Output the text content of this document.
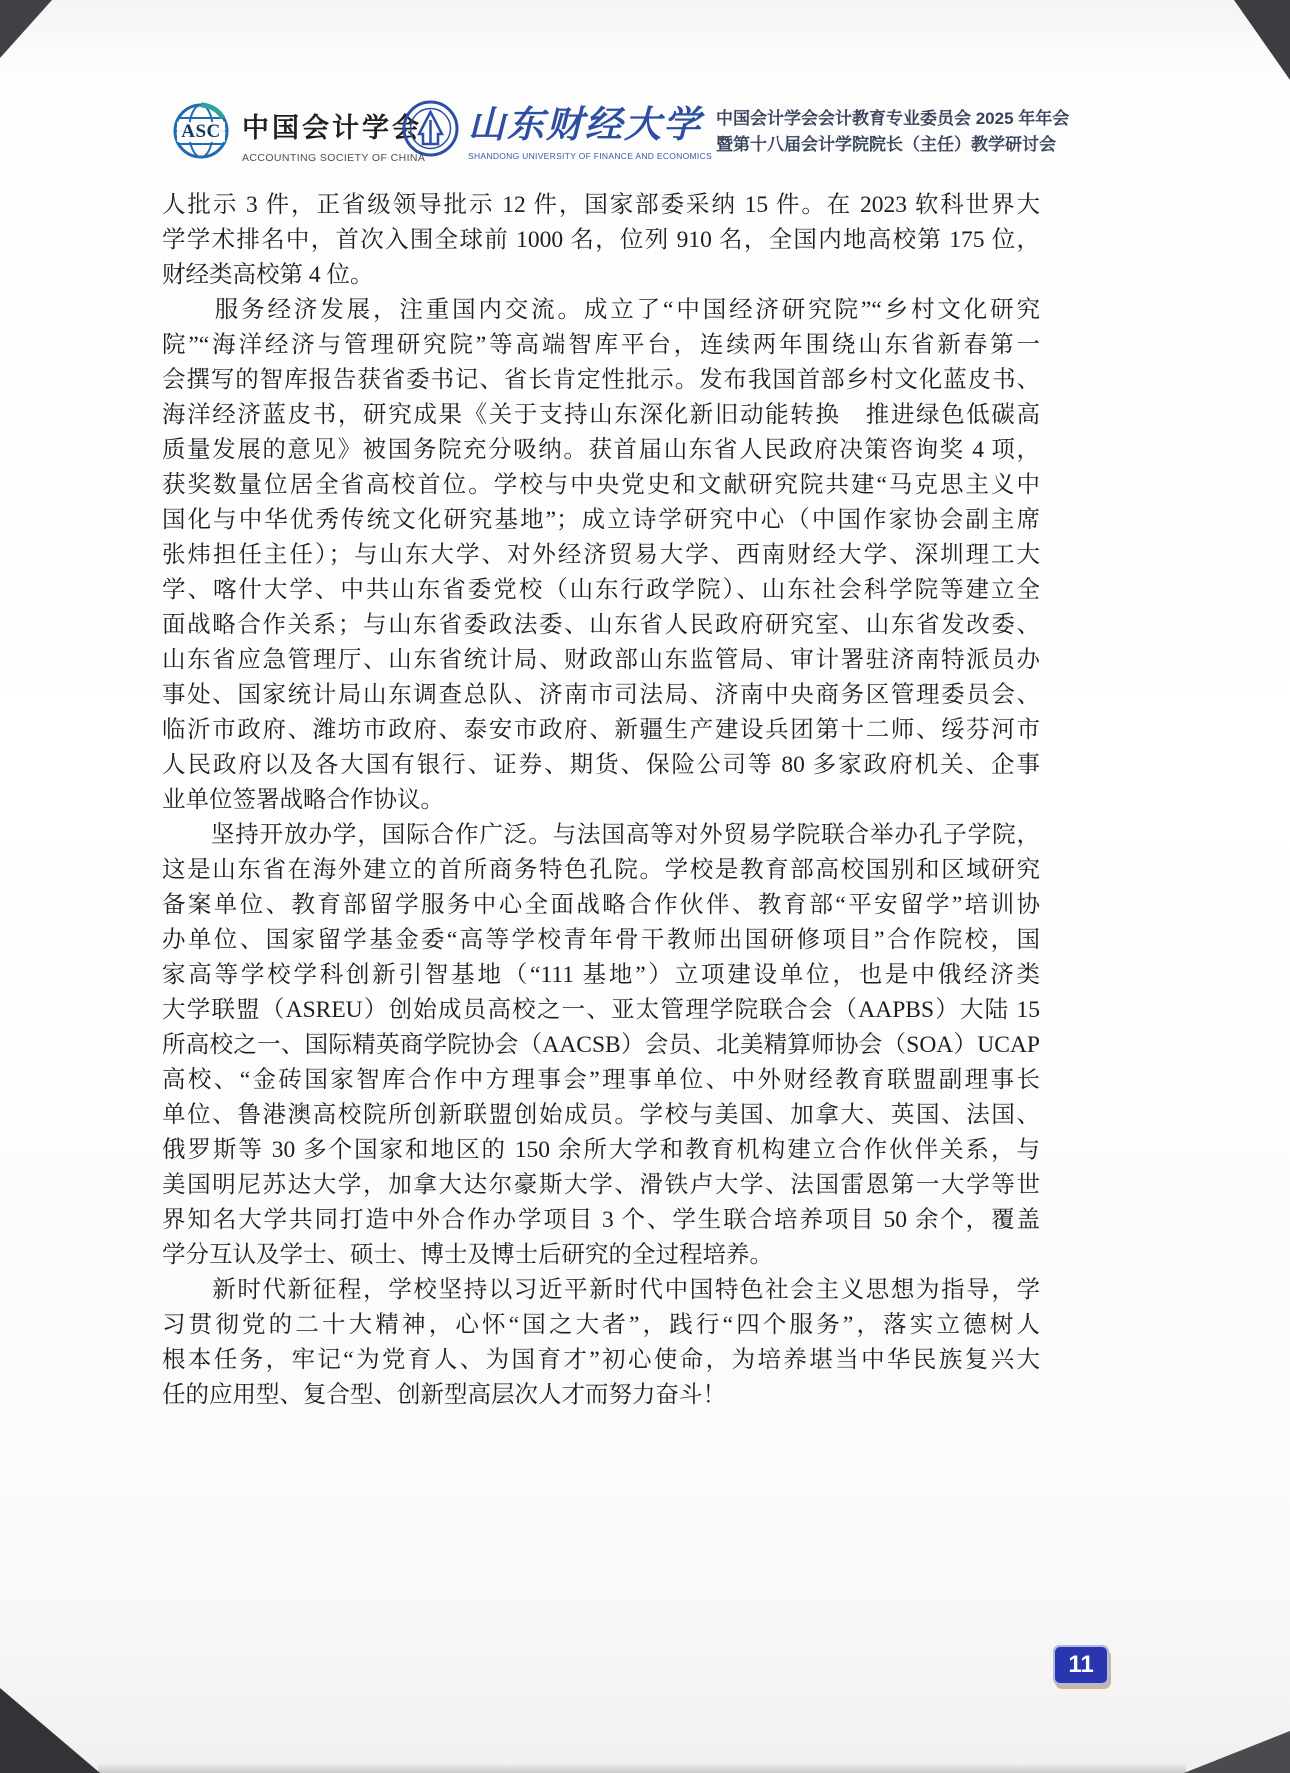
ASC 中国会计学会
ACCOUNTING SOCIETY OF CHINA
山东财经大学
SHANDONG UNIVERSITY OF FINANCE AND ECONOMICS
中国会计学会会计教育专业委员会 2025 年年会
暨第十八届会计学院院长（主任）教学研讨会
人批示 3 件，正省级领导批示 12 件，国家部委采纳 15 件。在 2023 软科世界大
学学术排名中，首次入围全球前 1000 名，位列 910 名，全国内地高校第 175 位，
财经类高校第 4 位。
　　服务经济发展，注重国内交流。成立了“中国经济研究院”“乡村文化研究
院”“海洋经济与管理研究院”等高端智库平台，连续两年围绕山东省新春第一
会撰写的智库报告获省委书记、省长肯定性批示。发布我国首部乡村文化蓝皮书、
海洋经济蓝皮书，研究成果《关于支持山东深化新旧动能转换　推进绿色低碳高
质量发展的意见》被国务院充分吸纳。获首届山东省人民政府决策咨询奖 4 项，
获奖数量位居全省高校首位。学校与中央党史和文献研究院共建“马克思主义中
国化与中华优秀传统文化研究基地”；成立诗学研究中心（中国作家协会副主席
张炜担任主任）；与山东大学、对外经济贸易大学、西南财经大学、深圳理工大
学、喀什大学、中共山东省委党校（山东行政学院）、山东社会科学院等建立全
面战略合作关系；与山东省委政法委、山东省人民政府研究室、山东省发改委、
山东省应急管理厅、山东省统计局、财政部山东监管局、审计署驻济南特派员办
事处、国家统计局山东调查总队、济南市司法局、济南中央商务区管理委员会、
临沂市政府、潍坊市政府、泰安市政府、新疆生产建设兵团第十二师、绥芬河市
人民政府以及各大国有银行、证券、期货、保险公司等 80 多家政府机关、企事
业单位签署战略合作协议。
　　坚持开放办学，国际合作广泛。与法国高等对外贸易学院联合举办孔子学院，
这是山东省在海外建立的首所商务特色孔院。学校是教育部高校国别和区域研究
备案单位、教育部留学服务中心全面战略合作伙伴、教育部“平安留学”培训协
办单位、国家留学基金委“高等学校青年骨干教师出国研修项目”合作院校，国
家高等学校学科创新引智基地（“111 基地”）立项建设单位，也是中俄经济类
大学联盟（ASREU）创始成员高校之一、亚太管理学院联合会（AAPBS）大陆 15
所高校之一、国际精英商学院协会（AACSB）会员、北美精算师协会（SOA）UCAP
高校、“金砖国家智库合作中方理事会”理事单位、中外财经教育联盟副理事长
单位、鲁港澳高校院所创新联盟创始成员。学校与美国、加拿大、英国、法国、
俄罗斯等 30 多个国家和地区的 150 余所大学和教育机构建立合作伙伴关系，与
美国明尼苏达大学，加拿大达尔豪斯大学、滑铁卢大学、法国雷恩第一大学等世
界知名大学共同打造中外合作办学项目 3 个、学生联合培养项目 50 余个，覆盖
学分互认及学士、硕士、博士及博士后研究的全过程培养。
　　新时代新征程，学校坚持以习近平新时代中国特色社会主义思想为指导，学
习贯彻党的二十大精神，心怀“国之大者”，践行“四个服务”，落实立德树人
根本任务，牢记“为党育人、为国育才”初心使命，为培养堪当中华民族复兴大
任的应用型、复合型、创新型高层次人才而努力奋斗！
11
